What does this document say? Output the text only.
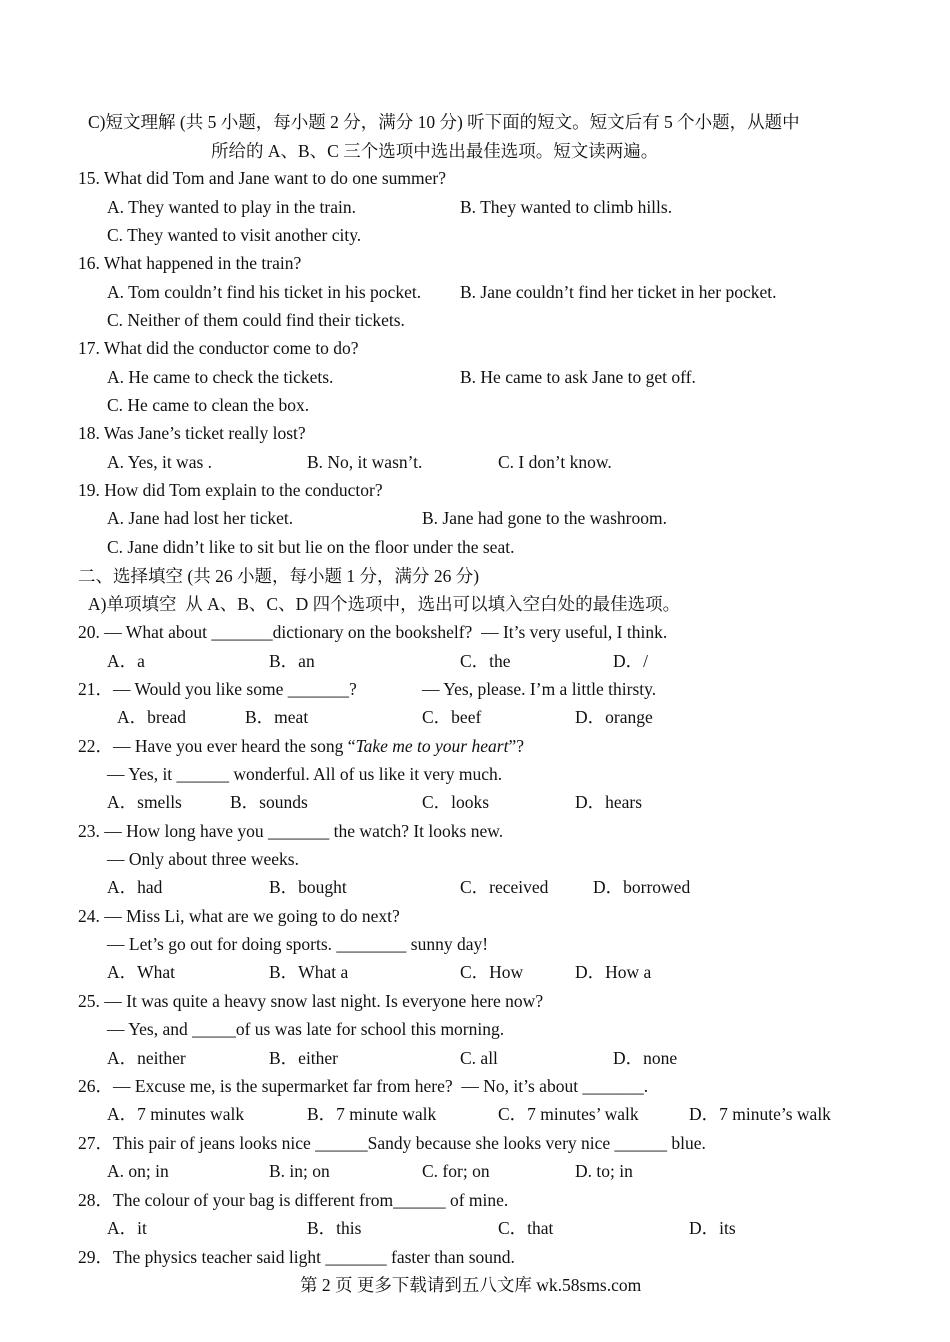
C)短文理解 (共 5 小题，每小题 2 分，满分 10 分) 听下面的短文。短文后有 5 个小题，从题中
所给的 A、B、C 三个选项中选出最佳选项。短文读两遍。
15. What did Tom and Jane want to do one summer?
A. They wanted to play in the train.	B. They wanted to climb hills.
C. They wanted to visit another city.
16. What happened in the train?
A. Tom couldn’t find his ticket in his pocket. B. Jane couldn’t find her ticket in her pocket.
C. Neither of them could find their tickets.
17. What did the conductor come to do?
A. He came to check the tickets.	B. He came to ask Jane to get off.
C. He came to clean the box.
18. Was Jane’s ticket really lost?
A. Yes, it was .	B. No, it wasn’t.	C. I don’t know.
19. How did Tom explain to the conductor?
A. Jane had lost her ticket.	B. Jane had gone to the washroom.
C. Jane didn’t like to sit but lie on the floor under the seat.
二、选择填空 (共 26 小题，每小题 1 分，满分 26 分)
A)单项填空  从 A、B、C、D 四个选项中，选出可以填入空白处的最佳选项。
20. — What about _______dictionary on the bookshelf?  — It’s very useful, I think.
A．a	B．an	C．the	D．/
21．— Would you like some _______?	— Yes, please. I’m a little thirsty.
A．bread	B．meat	C．beef	D．orange
22．— Have you ever heard the song “Take me to your heart”?
— Yes, it ______ wonderful. All of us like it very much.
A．smells	B．sounds	C．looks	D．hears
23. — How long have you _______ the watch? It looks new.
— Only about three weeks.
A．had	B．bought	C．received	D．borrowed
24. — Miss Li, what are we going to do next?
— Let’s go out for doing sports. ________ sunny day!
A．What	B．What a	C．How	D．How a
25. — It was quite a heavy snow last night. Is everyone here now?
— Yes, and _____of us was late for school this morning.
A．neither	B．either	C. all	D．none
26．— Excuse me, is the supermarket far from here?  — No, it’s about _______.
A．7 minutes walk	B．7 minute walk	C．7 minutes’ walk	D．7 minute’s walk
27．This pair of jeans looks nice ______Sandy because she looks very nice ______ blue.
A. on; in	B. in; on	C. for; on	D. to; in
28．The colour of your bag is different from______ of mine.
A．it	B．this	C．that	D．its
29．The physics teacher said light _______ faster than sound.
第 2 页 更多下载请到五八文库 wk.58sms.com
